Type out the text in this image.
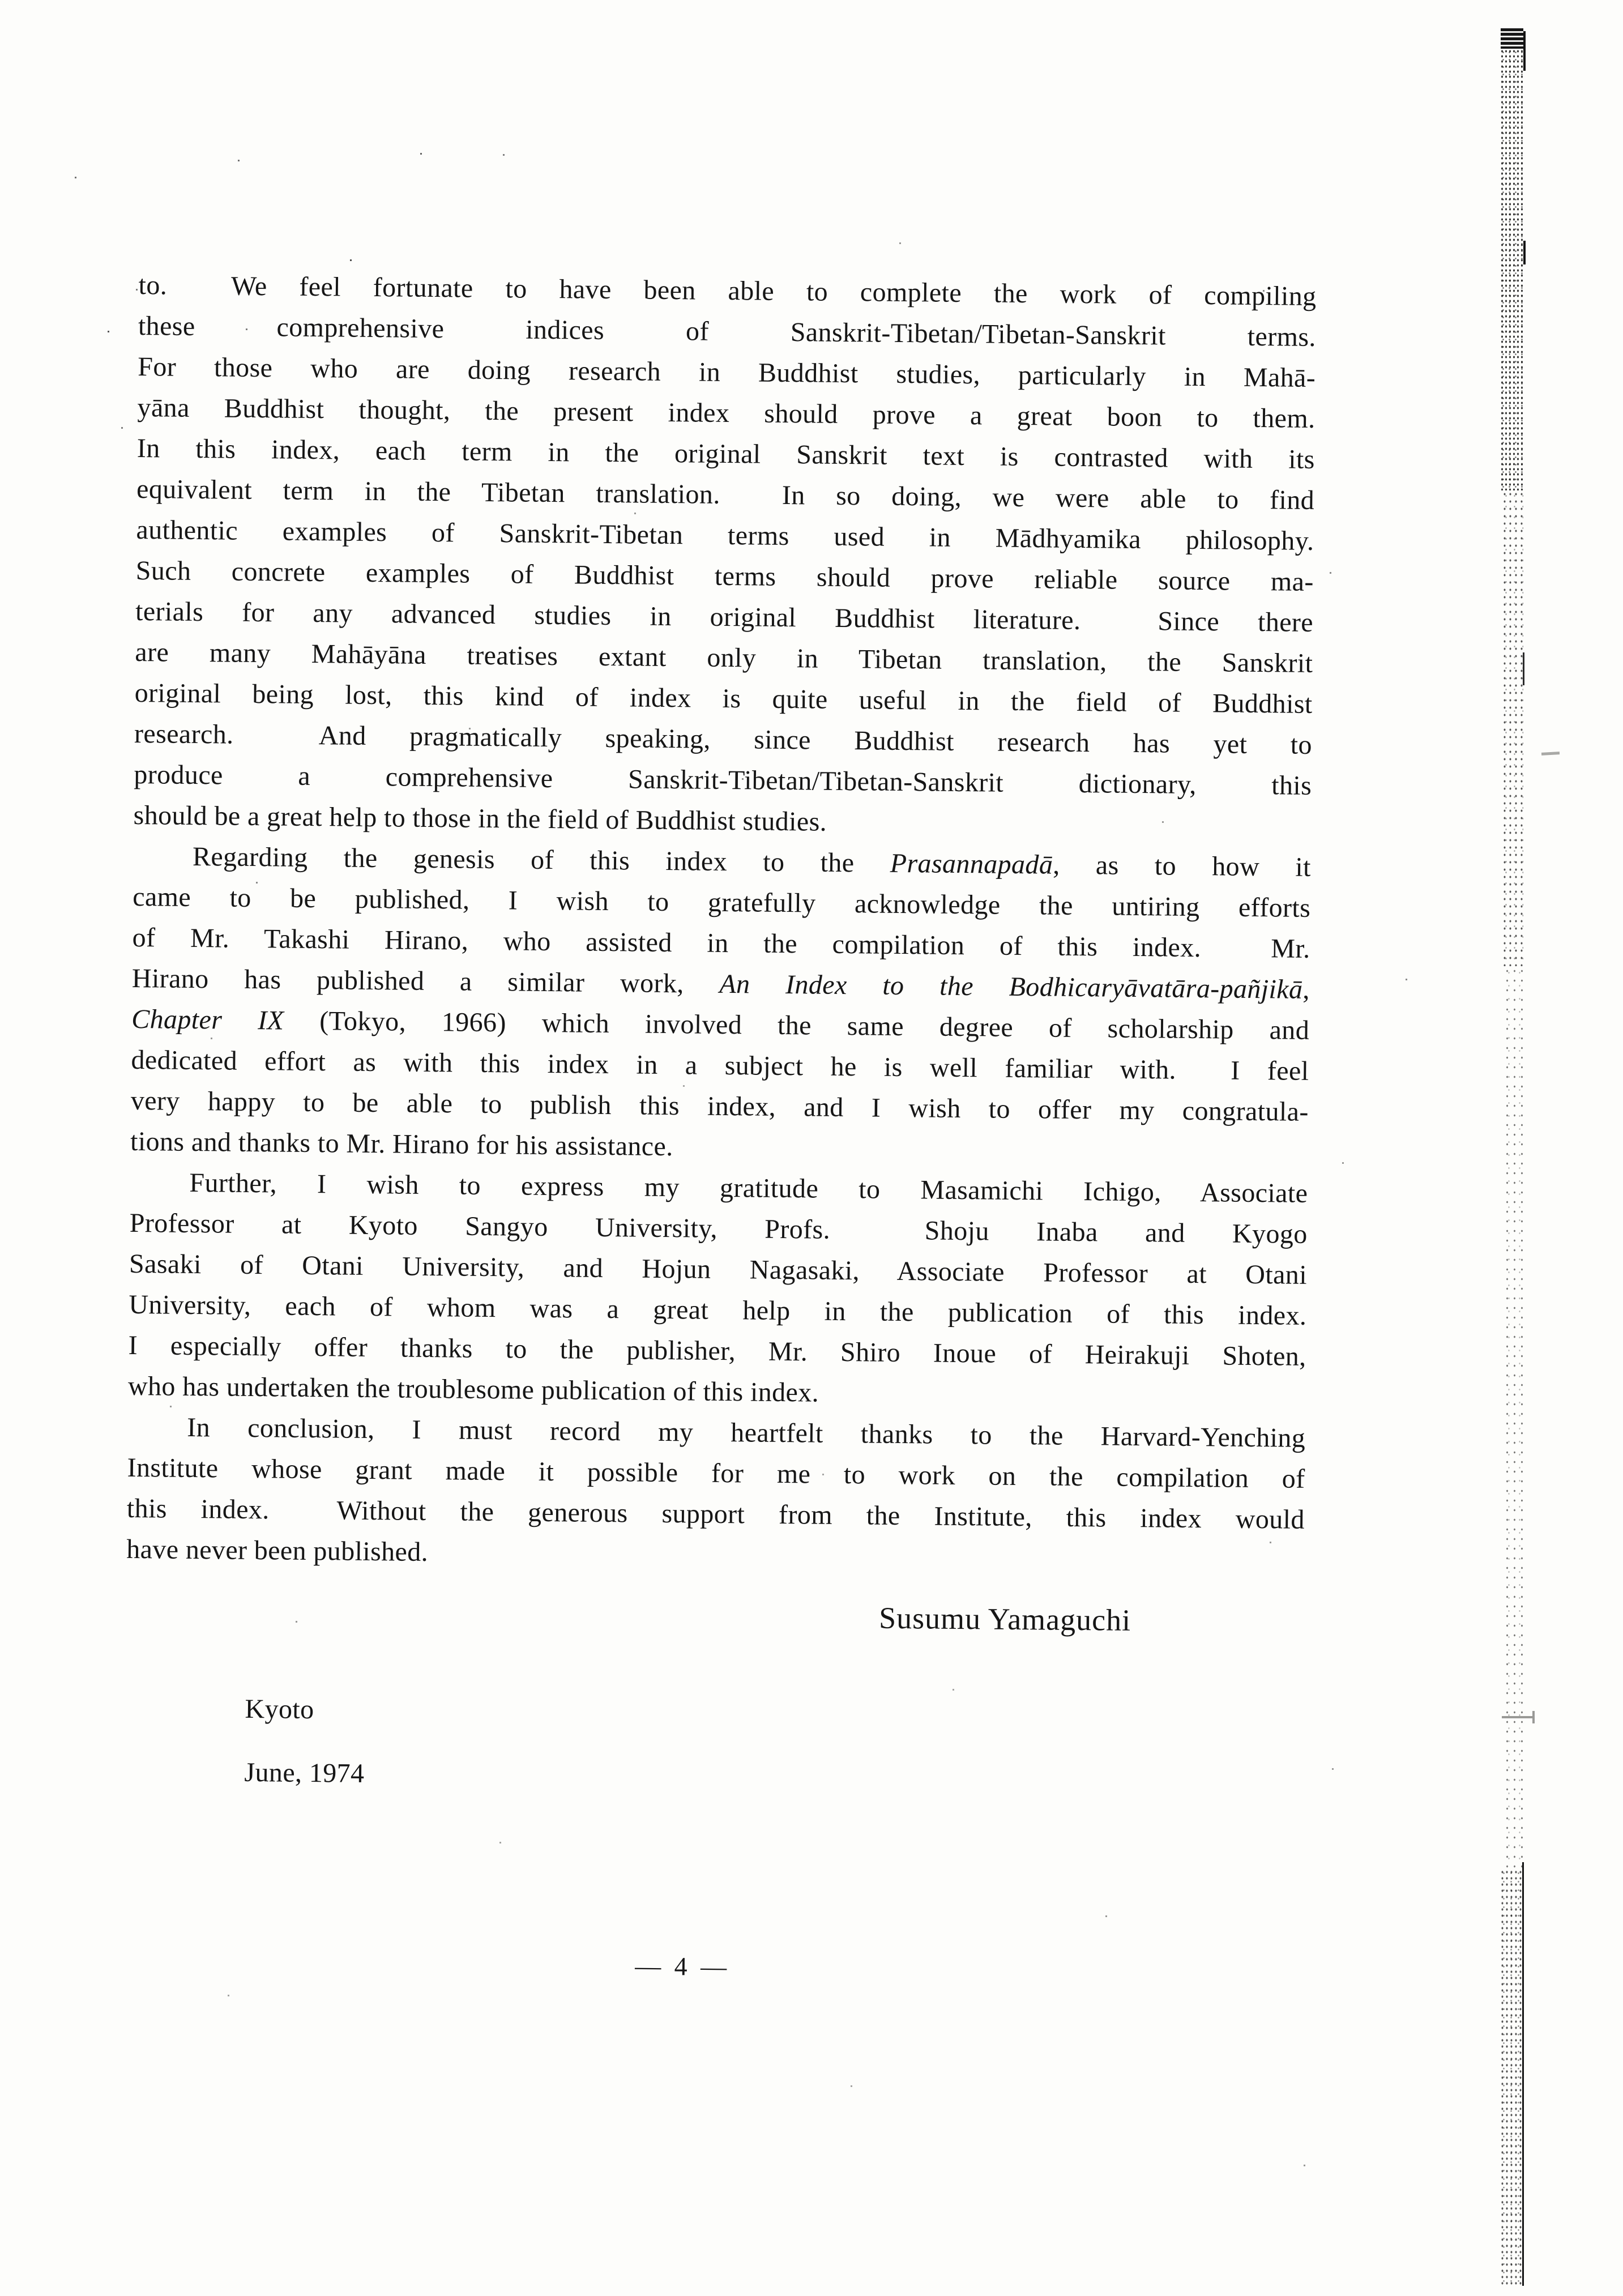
to.  We feel fortunate to have been able to complete the work of compiling
these comprehensive indices of Sanskrit-Tibetan/Tibetan-Sanskrit terms.
For those who are doing research in Buddhist studies, particularly in Mahā-
yāna Buddhist thought, the present index should prove a great boon to them.
In this index, each term in the original Sanskrit text is contrasted with its
equivalent term in the Tibetan translation.  In so doing, we were able to find
authentic examples of Sanskrit-Tibetan terms used in Mādhyamika philosophy.
Such concrete examples of Buddhist terms should prove reliable source ma-
terials for any advanced studies in original Buddhist literature.  Since there
are many Mahāyāna treatises extant only in Tibetan translation, the Sanskrit
original being lost, this kind of index is quite useful in the field of Buddhist
research.  And pragmatically speaking, since Buddhist research has yet to
produce a comprehensive Sanskrit-Tibetan/Tibetan-Sanskrit dictionary, this
should be a great help to those in the field of Buddhist studies.
Regarding the genesis of this index to the Prasannapadā, as to how it
came to be published, I wish to gratefully acknowledge the untiring efforts
of Mr. Takashi Hirano, who assisted in the compilation of this index.  Mr.
Hirano has published a similar work, An Index to the Bodhicaryāvatāra-pañjikā,
Chapter IX (Tokyo, 1966) which involved the same degree of scholarship and
dedicated effort as with this index in a subject he is well familiar with.  I feel
very happy to be able to publish this index, and I wish to offer my congratula-
tions and thanks to Mr. Hirano for his assistance.
Further, I wish to express my gratitude to Masamichi Ichigo, Associate
Professor at Kyoto Sangyo University, Profs.  Shoju Inaba and Kyogo
Sasaki of Otani University, and Hojun Nagasaki, Associate Professor at Otani
University, each of whom was a great help in the publication of this index.
I especially offer thanks to the publisher, Mr. Shiro Inoue of Heirakuji Shoten,
who has undertaken the troublesome publication of this index.
In conclusion, I must record my heartfelt thanks to the Harvard-Yenching
Institute whose grant made it possible for me to work on the compilation of
this index.  Without the generous support from the Institute, this index would
have never been published.
Susumu Yamaguchi
Kyoto
June, 1974
— 4 —
